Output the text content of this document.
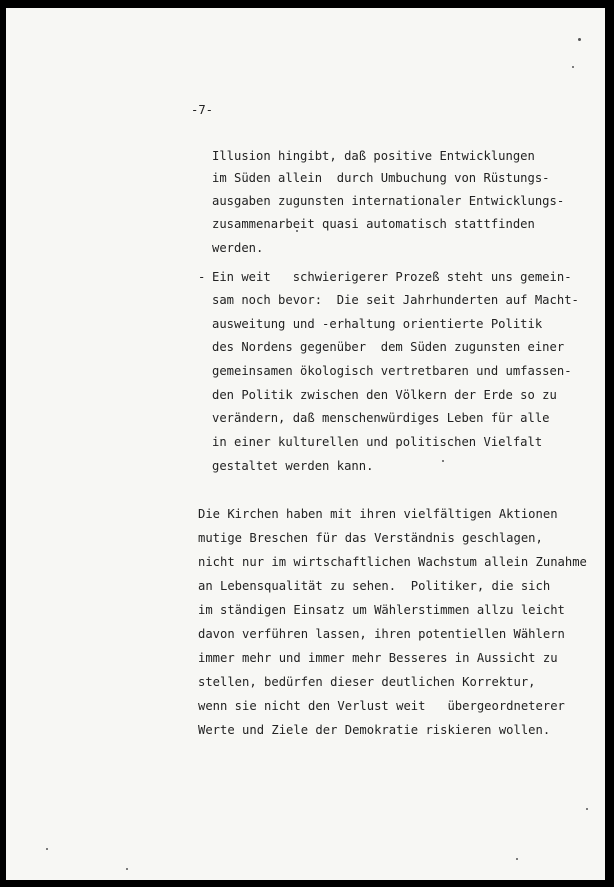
-7-
Illusion hingibt, daß positive Entwicklungen
im Süden allein  durch Umbuchung von Rüstungs-
ausgaben zugunsten internationaler Entwicklungs-
zusammenarbeit quasi automatisch stattfinden
werden.
- Ein weit   schwierigerer Prozeß steht uns gemein-
sam noch bevor:  Die seit Jahrhunderten auf Macht-
ausweitung und -erhaltung orientierte Politik
des Nordens gegenüber  dem Süden zugunsten einer
gemeinsamen ökologisch vertretbaren und umfassen-
den Politik zwischen den Völkern der Erde so zu
verändern, daß menschenwürdiges Leben für alle
in einer kulturellen und politischen Vielfalt
gestaltet werden kann.
Die Kirchen haben mit ihren vielfältigen Aktionen
mutige Breschen für das Verständnis geschlagen,
nicht nur im wirtschaftlichen Wachstum allein Zunahme
an Lebensqualität zu sehen.  Politiker, die sich
im ständigen Einsatz um Wählerstimmen allzu leicht
davon verführen lassen, ihren potentiellen Wählern
immer mehr und immer mehr Besseres in Aussicht zu
stellen, bedürfen dieser deutlichen Korrektur,
wenn sie nicht den Verlust weit   übergeordneterer
Werte und Ziele der Demokratie riskieren wollen.
